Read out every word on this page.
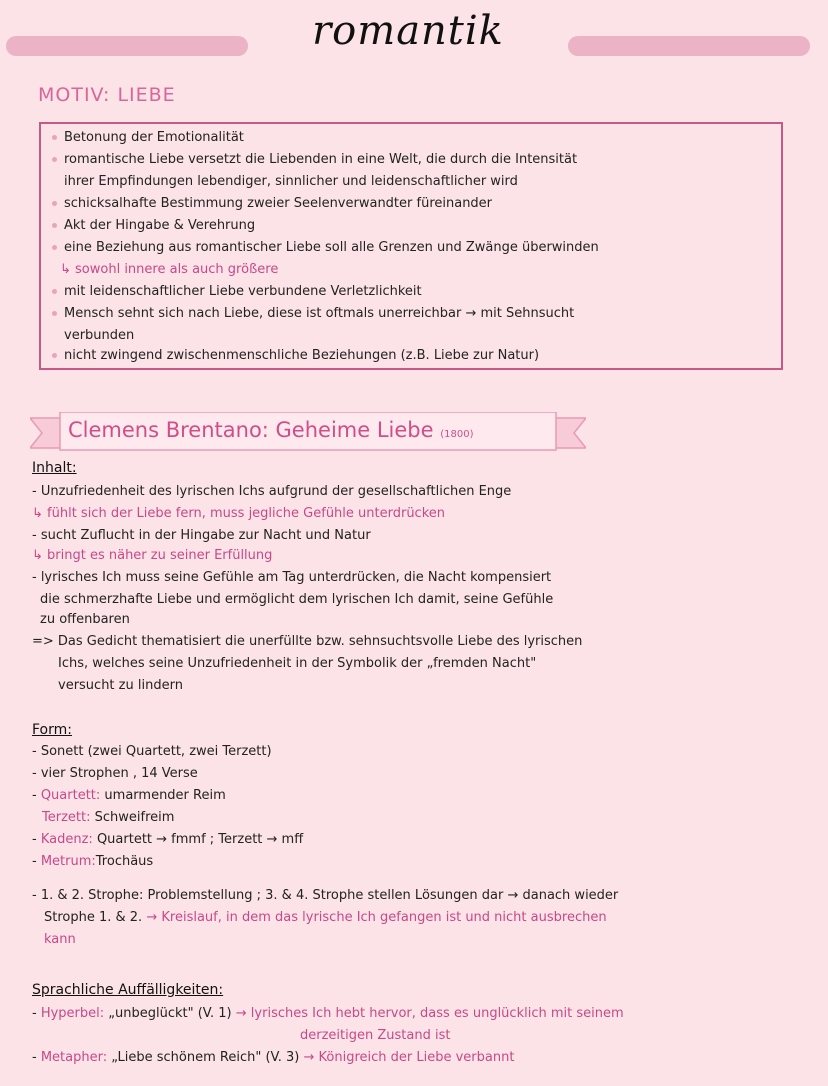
romantik
MOTIV: LIEBE
Betonung der Emotionalität
romantische Liebe versetzt die Liebenden in eine Welt, die durch die Intensität
ihrer Empfindungen lebendiger, sinnlicher und leidenschaftlicher wird
schicksalhafte Bestimmung zweier Seelenverwandter füreinander
Akt der Hingabe & Verehrung
eine Beziehung aus romantischer Liebe soll alle Grenzen und Zwänge überwinden
↳ sowohl innere als auch größere
mit leidenschaftlicher Liebe verbundene Verletzlichkeit
Mensch sehnt sich nach Liebe, diese ist oftmals unerreichbar → mit Sehnsucht
verbunden
nicht zwingend zwischenmenschliche Beziehungen (z.B. Liebe zur Natur)
Clemens Brentano: Geheime Liebe (1800)
Inhalt:
- Unzufriedenheit des lyrischen Ichs aufgrund der gesellschaftlichen Enge
↳ fühlt sich der Liebe fern, muss jegliche Gefühle unterdrücken
- sucht Zuflucht in der Hingabe zur Nacht und Natur
↳ bringt es näher zu seiner Erfüllung
- lyrisches Ich muss seine Gefühle am Tag unterdrücken, die Nacht kompensiert
die schmerzhafte Liebe und ermöglicht dem lyrischen Ich damit, seine Gefühle
zu offenbaren
=> Das Gedicht thematisiert die unerfüllte bzw. sehnsuchtsvolle Liebe des lyrischen
Ichs, welches seine Unzufriedenheit in der Symbolik der „fremden Nacht"
versucht zu lindern
Form:
- Sonett (zwei Quartett, zwei Terzett)
- vier Strophen , 14 Verse
- Quartett: umarmender Reim
Terzett: Schweifreim
- Kadenz: Quartett → fmmf ; Terzett → mff
- Metrum:Trochäus
- 1. & 2. Strophe: Problemstellung ; 3. & 4. Strophe stellen Lösungen dar → danach wieder
Strophe 1. & 2. → Kreislauf, in dem das lyrische Ich gefangen ist und nicht ausbrechen
kann
Sprachliche Auffälligkeiten:
- Hyperbel: „unbeglückt" (V. 1) → lyrisches Ich hebt hervor, dass es unglücklich mit seinem
derzeitigen Zustand ist
- Metapher: „Liebe schönem Reich" (V. 3) → Königreich der Liebe verbannt
